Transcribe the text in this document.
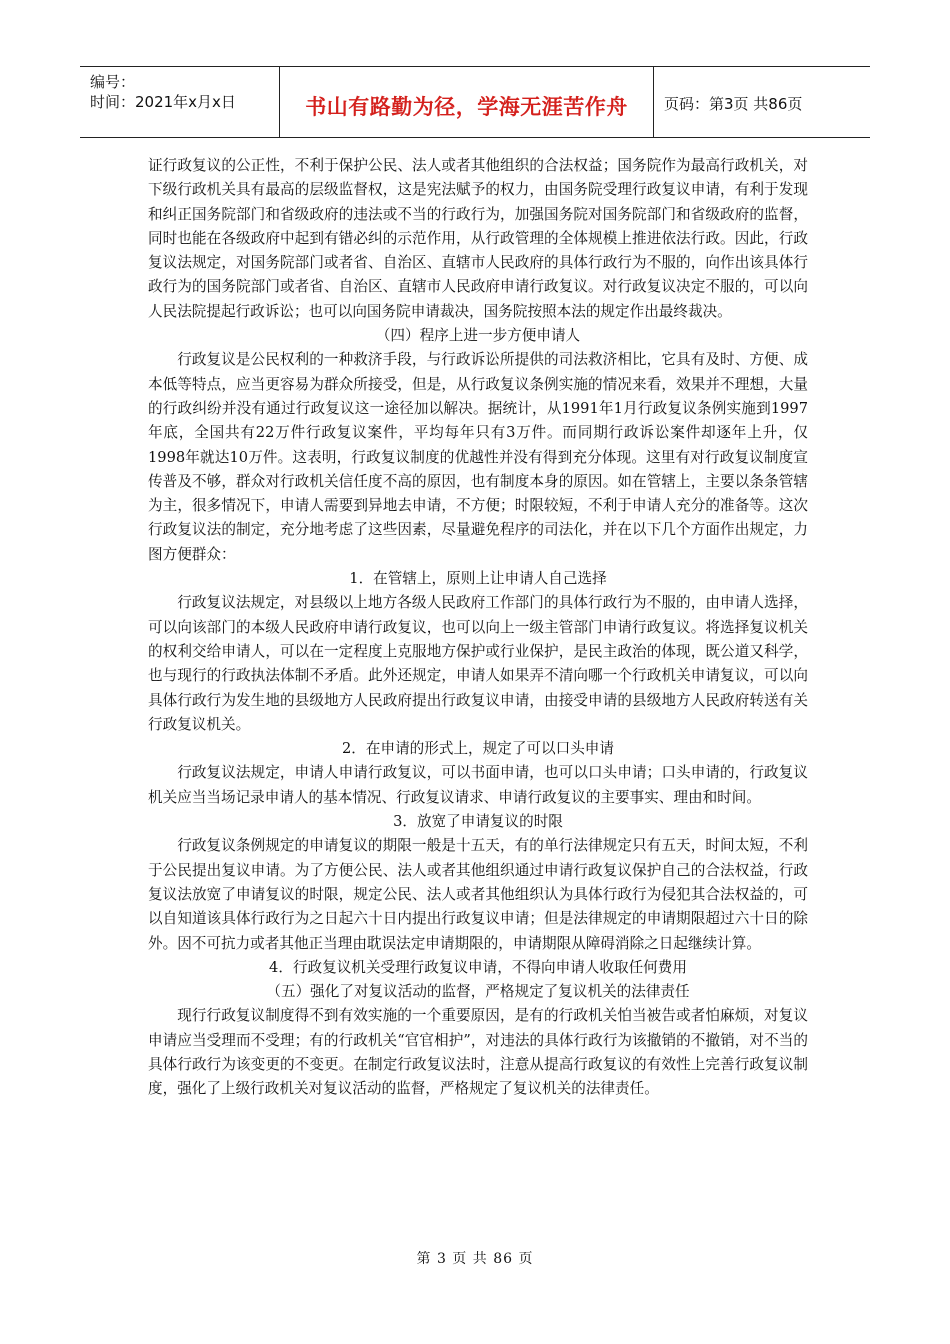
编号：
时间：2021年x月x日	书山有路勤为径，学海无涯苦作舟	页码：第3页 共86页

证行政复议的公正性，不利于保护公民、法人或者其他组织的合法权益；国务院作为最高行政机关，对下级行政机关具有最高的层级监督权，这是宪法赋予的权力，由国务院受理行政复议申请，有利于发现和纠正国务院部门和省级政府的违法或不当的行政行为，加强国务院对国务院部门和省级政府的监督，同时也能在各级政府中起到有错必纠的示范作用，从行政管理的全体规模上推进依法行政。因此，行政复议法规定，对国务院部门或者省、自治区、直辖市人民政府的具体行政行为不服的，向作出该具体行政行为的国务院部门或者省、自治区、直辖市人民政府申请行政复议。对行政复议决定不服的，可以向人民法院提起行政诉讼；也可以向国务院申请裁决，国务院按照本法的规定作出最终裁决。

（四）程序上进一步方便申请人

行政复议是公民权利的一种救济手段，与行政诉讼所提供的司法救济相比，它具有及时、方便、成本低等特点，应当更容易为群众所接受，但是，从行政复议条例实施的情况来看，效果并不理想，大量的行政纠纷并没有通过行政复议这一途径加以解决。据统计，从1991年1月行政复议条例实施到1997年底，全国共有22万件行政复议案件，平均每年只有3万件。而同期行政诉讼案件却逐年上升，仅1998年就达10万件。这表明，行政复议制度的优越性并没有得到充分体现。这里有对行政复议制度宣传普及不够，群众对行政机关信任度不高的原因，也有制度本身的原因。如在管辖上，主要以条条管辖为主，很多情况下，申请人需要到异地去申请，不方便；时限较短，不利于申请人充分的准备等。这次行政复议法的制定，充分地考虑了这些因素，尽量避免程序的司法化，并在以下几个方面作出规定，力图方便群众：

1．在管辖上，原则上让申请人自己选择

行政复议法规定，对县级以上地方各级人民政府工作部门的具体行政行为不服的，由申请人选择，可以向该部门的本级人民政府申请行政复议，也可以向上一级主管部门申请行政复议。将选择复议机关的权利交给申请人，可以在一定程度上克服地方保护或行业保护，是民主政治的体现，既公道又科学，也与现行的行政执法体制不矛盾。此外还规定，申请人如果弄不清向哪一个行政机关申请复议，可以向具体行政行为发生地的县级地方人民政府提出行政复议申请，由接受申请的县级地方人民政府转送有关行政复议机关。

2．在申请的形式上，规定了可以口头申请

行政复议法规定，申请人申请行政复议，可以书面申请，也可以口头申请；口头申请的，行政复议机关应当当场记录申请人的基本情况、行政复议请求、申请行政复议的主要事实、理由和时间。

3．放宽了申请复议的时限

行政复议条例规定的申请复议的期限一般是十五天，有的单行法律规定只有五天，时间太短，不利于公民提出复议申请。为了方便公民、法人或者其他组织通过申请行政复议保护自己的合法权益，行政复议法放宽了申请复议的时限，规定公民、法人或者其他组织认为具体行政行为侵犯其合法权益的，可以自知道该具体行政行为之日起六十日内提出行政复议申请；但是法律规定的申请期限超过六十日的除外。因不可抗力或者其他正当理由耽误法定申请期限的，申请期限从障碍消除之日起继续计算。

4．行政复议机关受理行政复议申请，不得向申请人收取任何费用

（五）强化了对复议活动的监督，严格规定了复议机关的法律责任

现行行政复议制度得不到有效实施的一个重要原因，是有的行政机关怕当被告或者怕麻烦，对复议申请应当受理而不受理；有的行政机关“官官相护”，对违法的具体行政行为该撤销的不撤销，对不当的具体行政行为该变更的不变更。在制定行政复议法时，注意从提高行政复议的有效性上完善行政复议制度，强化了上级行政机关对复议活动的监督，严格规定了复议机关的法律责任。

第 3 页 共 86 页
